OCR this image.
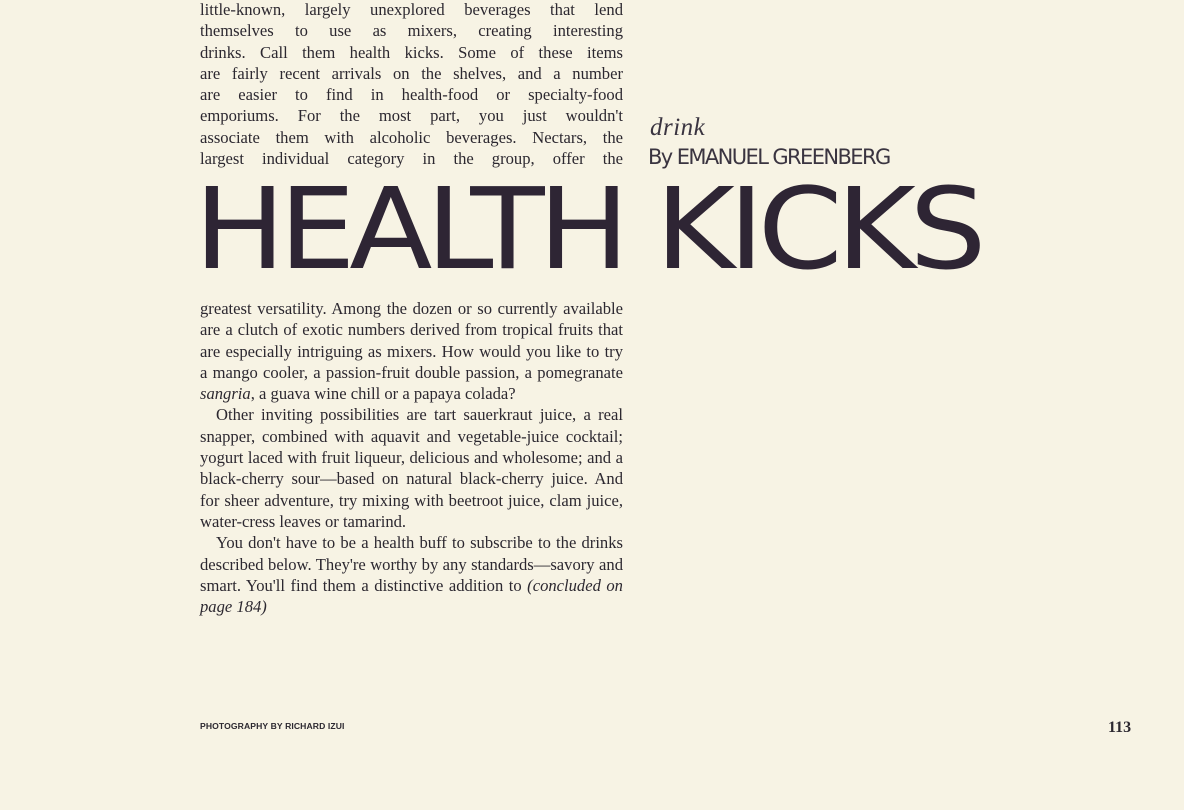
little-known, largely unexplored beverages that lend
themselves to use as mixers, creating interesting
drinks. Call them health kicks. Some of these items
are fairly recent arrivals on the shelves, and a number
are easier to find in health-food or specialty-food
emporiums. For the most part, you just wouldn't
associate them with alcoholic beverages. Nectars, the
largest individual category in the group, offer the
drink
By EMANUEL GREENBERG
HEALTH KICKS

greatest versatility. Among the dozen or so currently available are a clutch of exotic numbers derived from tropical fruits that are especially intriguing as mixers. How would you like to try a mango cooler, a passion-fruit double passion, a pomegranate sangria, a guava wine chill or a papaya colada?

Other inviting possibilities are tart sauerkraut juice, a real snapper, combined with aquavit and vegetable-juice cocktail; yogurt laced with fruit liqueur, delicious and wholesome; and a black-cherry sour—based on natural black-cherry juice. And for sheer adventure, try mixing with beetroot juice, clam juice, water-cress leaves or tamarind.

You don't have to be a health buff to subscribe to the drinks described below. They're worthy by any standards—savory and smart. You'll find them a distinctive addition to (concluded on page 184)

PHOTOGRAPHY BY RICHARD IZUI	113
